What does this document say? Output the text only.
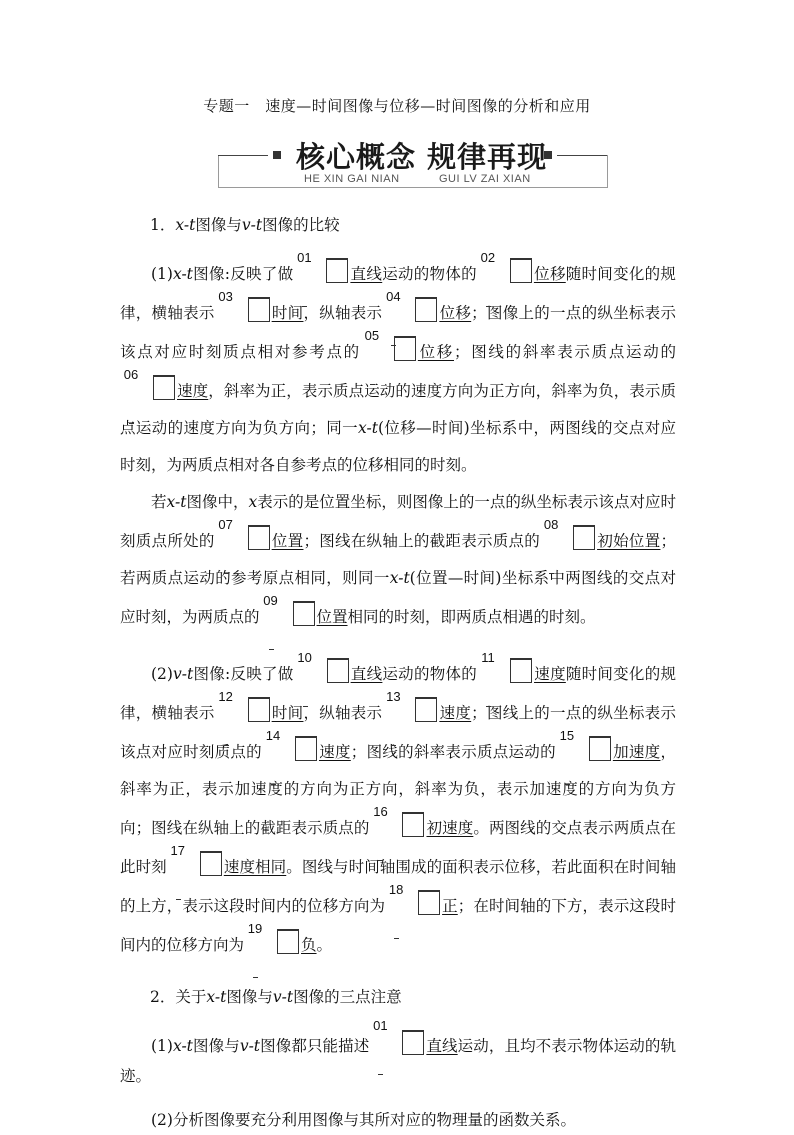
专题一　速度—时间图像与位移—时间图像的分析和应用
核心概念 规律再现
HE XIN GAI NIAN	GUI LV ZAI XIAN

1．x-t图像与v-t图像的比较

(1)x-t图像:反映了做
01
直线运动的物体的
02
位移随时间变化的规律，横轴表示
03
时间，纵轴表示
04
位移；图像上的一点的纵坐标表示该点对应时刻质点相对参考点的
05
位移；图线的斜率表示质点运动的
06
速度，斜率为正，表示质点运动的速度方向为正方向，斜率为负，表示质点运动的速度方向为负方向；同一x-t(位移—时间)坐标系中，两图线的交点对应时刻，为两质点相对各自参考点的位移相同的时刻。

若x-t图像中，x表示的是位置坐标，则图像上的一点的纵坐标表示该点对应时刻质点所处的
07
位置；图线在纵轴上的截距表示质点的
08
初始位置；若两质点运动的参考原点相同，则同一x-t(位置—时间)坐标系中两图线的交点对应时刻，为两质点的
09
位置相同的时刻，即两质点相遇的时刻。

(2)v-t图像:反映了做
10
直线运动的物体的
11
速度随时间变化的规律，横轴表示
12
时间，纵轴表示
13
速度；图线上的一点的纵坐标表示该点对应时刻质点的
14
速度；图线的斜率表示质点运动的
15
加速度，斜率为正，表示加速度的方向为正方向，斜率为负，表示加速度的方向为负方向；图线在纵轴上的截距表示质点的
16
初速度。两图线的交点表示两质点在此时刻
17
速度相同。图线与时间轴围成的面积表示位移，若此面积在时间轴的上方，表示这段时间内的位移方向为
18
正；在时间轴的下方，表示这段时间内的位移方向为
19
负。

2．关于x-t图像与v-t图像的三点注意

(1)x-t图像与v-t图像都只能描述
01
直线运动，且均不表示物体运动的轨迹。

(2)分析图像要充分利用图像与其所对应的物理量的函数关系。
